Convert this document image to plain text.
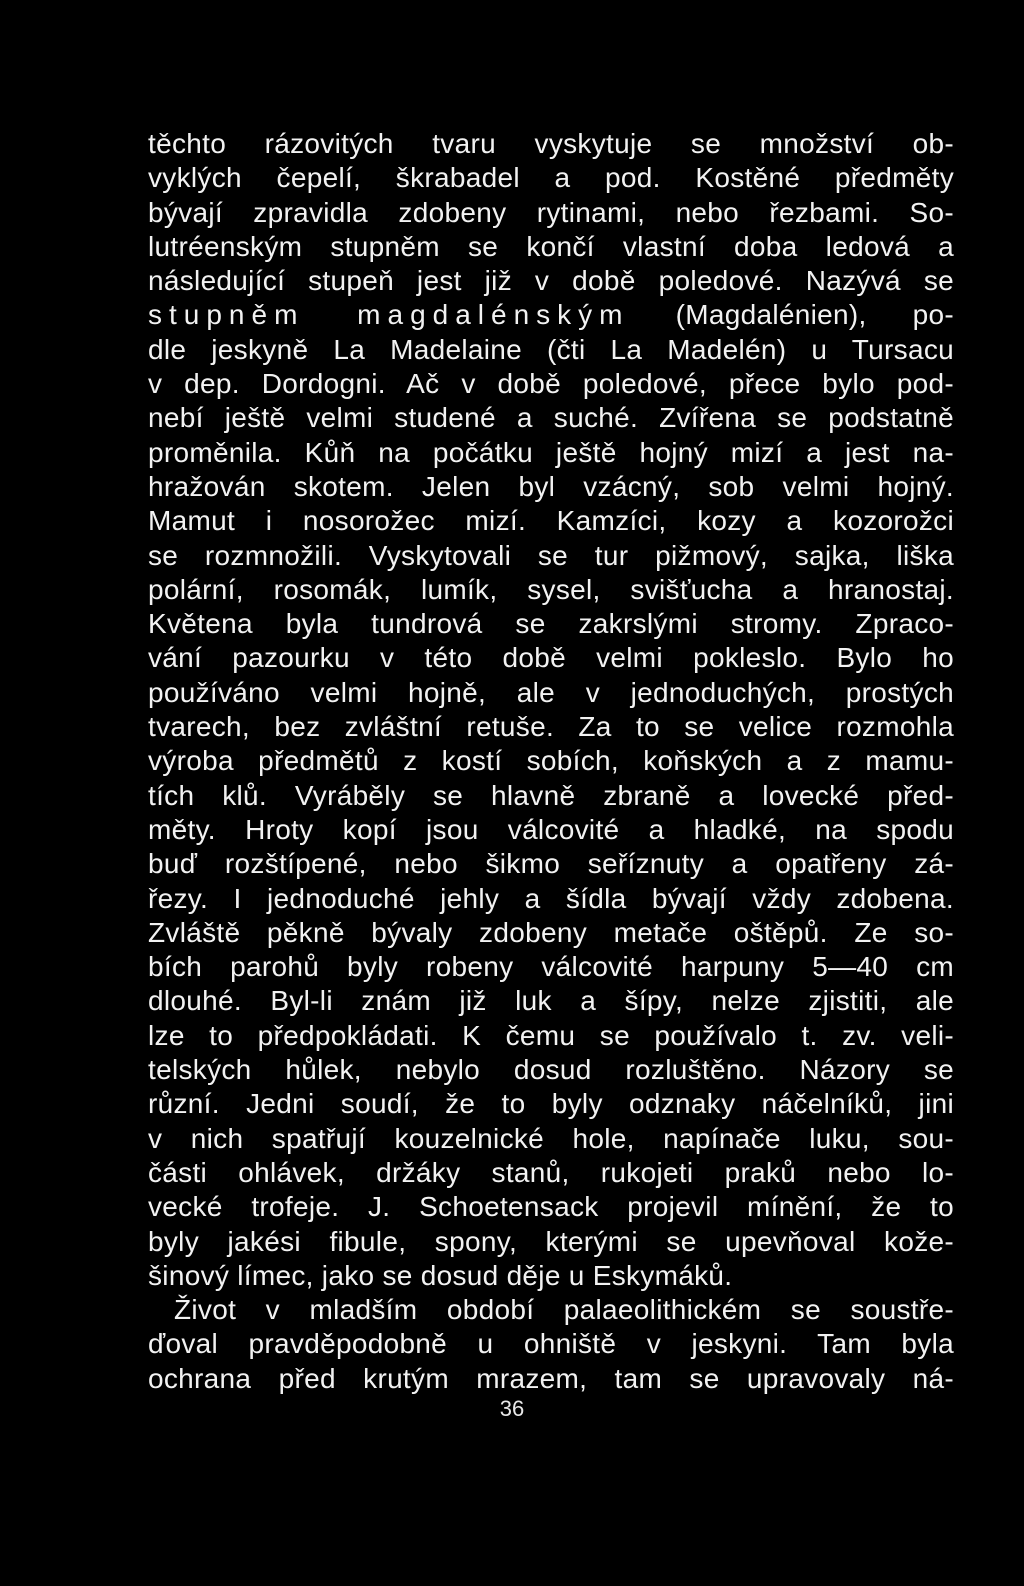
těchto rázovitých tvaru vyskytuje se množství ob-
vyklých čepelí, škrabadel a pod. Kostěné předměty
bývají zpravidla zdobeny rytinami, nebo řezbami. So-
lutréenským stupněm se končí vlastní doba ledová a
následující stupeň jest již v době poledové. Nazývá se
stupněm magdalénským (Magdalénien), po-
dle jeskyně La Madelaine (čti La Madelén) u Tursacu
v dep. Dordogni. Ač v době poledové, přece bylo pod-
nebí ještě velmi studené a suché. Zvířena se podstatně
proměnila. Kůň na počátku ještě hojný mizí a jest na-
hražován skotem. Jelen byl vzácný, sob velmi hojný.
Mamut i nosorožec mizí. Kamzíci, kozy a kozorožci
se rozmnožili. Vyskytovali se tur pižmový, sajka, liška
polární, rosomák, lumík, sysel, svišťucha a hranostaj.
Květena byla tundrová se zakrslými stromy. Zpraco-
vání pazourku v této době velmi pokleslo. Bylo ho
používáno velmi hojně, ale v jednoduchých, prostých
tvarech, bez zvláštní retuše. Za to se velice rozmohla
výroba předmětů z kostí sobích, koňských a z mamu-
tích klů. Vyráběly se hlavně zbraně a lovecké před-
měty. Hroty kopí jsou válcovité a hladké, na spodu
buď rozštípené, nebo šikmo seříznuty a opatřeny zá-
řezy. I jednoduché jehly a šídla bývají vždy zdobena.
Zvláště pěkně bývaly zdobeny metače oštěpů. Ze so-
bích parohů byly robeny válcovité harpuny 5—40 cm
dlouhé. Byl-li znám již luk a šípy, nelze zjistiti, ale
lze to předpokládati. K čemu se používalo t. zv. veli-
telských hůlek, nebylo dosud rozluštěno. Názory se
různí. Jedni soudí, že to byly odznaky náčelníků, jini
v nich spatřují kouzelnické hole, napínače luku, sou-
části ohlávek, držáky stanů, rukojeti praků nebo lo-
vecké trofeje. J. Schoetensack projevil mínění, že to
byly jakési fibule, spony, kterými se upevňoval kože-
šinový límec, jako se dosud děje u Eskymáků.
Život v mladším období palaeolithickém se soustře-
ďoval pravděpodobně u ohniště v jeskyni. Tam byla
ochrana před krutým mrazem, tam se upravovaly ná-
36
